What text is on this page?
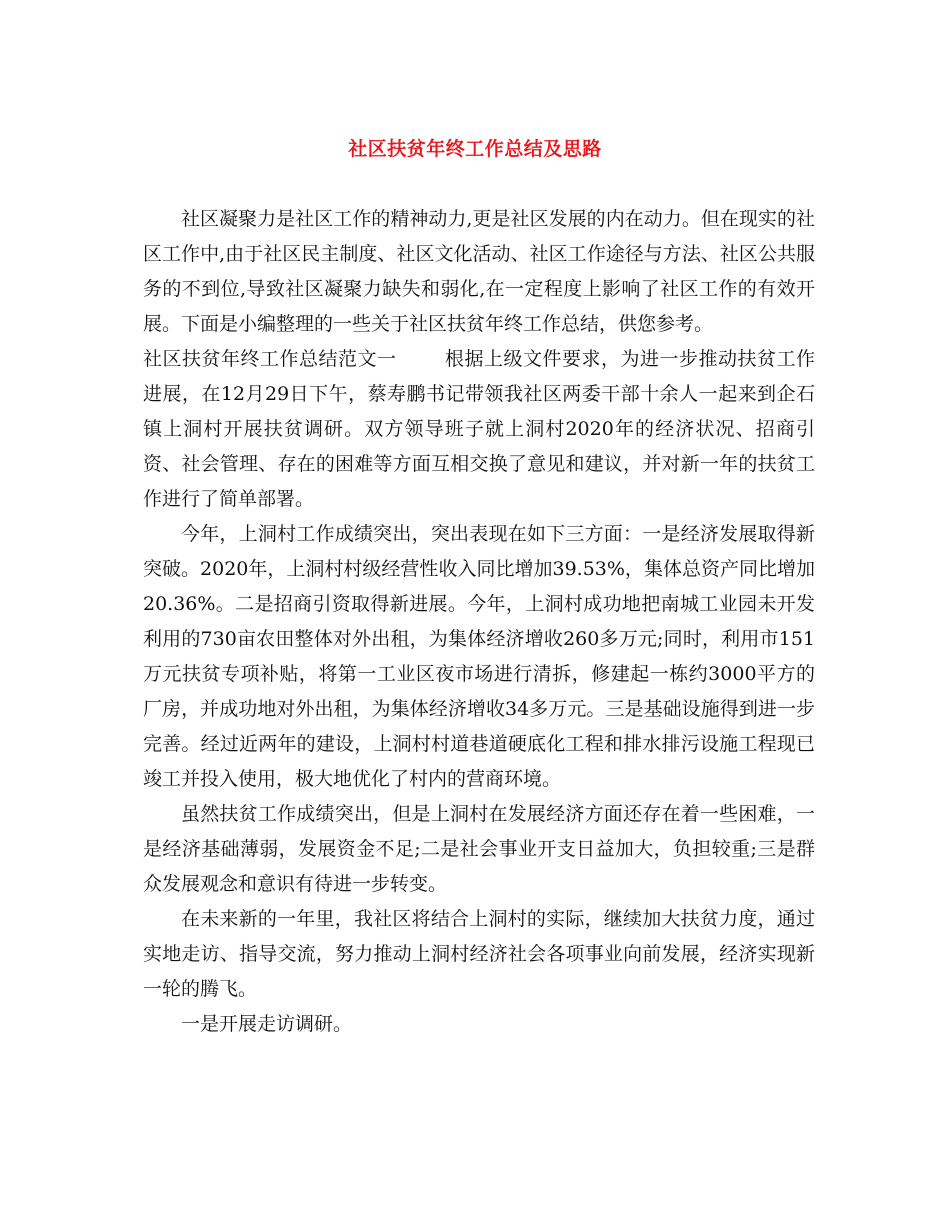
社区扶贫年终工作总结及思路

社区凝聚力是社区工作的精神动力,更是社区发展的内在动力。但在现实的社区工作中,由于社区民主制度、社区文化活动、社区工作途径与方法、社区公共服务的不到位,导致社区凝聚力缺失和弱化,在一定程度上影响了社区工作的有效开展。下面是小编整理的一些关于社区扶贫年终工作总结，供您参考。

社区扶贫年终工作总结范文一	根据上级文件要求，为进一步推动扶贫工作进展，在12月29日下午，蔡寿鹏书记带领我社区两委干部十余人一起来到企石镇上洞村开展扶贫调研。双方领导班子就上洞村2020年的经济状况、招商引资、社会管理、存在的困难等方面互相交换了意见和建议，并对新一年的扶贫工作进行了简单部署。

今年，上洞村工作成绩突出，突出表现在如下三方面：一是经济发展取得新突破。2020年，上洞村村级经营性收入同比增加39.53%，集体总资产同比增加20.36%。二是招商引资取得新进展。今年，上洞村成功地把南城工业园未开发利用的730亩农田整体对外出租，为集体经济增收260多万元;同时，利用市151万元扶贫专项补贴，将第一工业区夜市场进行清拆，修建起一栋约3000平方的厂房，并成功地对外出租，为集体经济增收34多万元。三是基础设施得到进一步完善。经过近两年的建设，上洞村村道巷道硬底化工程和排水排污设施工程现已竣工并投入使用，极大地优化了村内的营商环境。

虽然扶贫工作成绩突出，但是上洞村在发展经济方面还存在着一些困难，一是经济基础薄弱，发展资金不足;二是社会事业开支日益加大，负担较重;三是群众发展观念和意识有待进一步转变。

在未来新的一年里，我社区将结合上洞村的实际，继续加大扶贫力度，通过实地走访、指导交流，努力推动上洞村经济社会各项事业向前发展，经济实现新一轮的腾飞。

一是开展走访调研。
